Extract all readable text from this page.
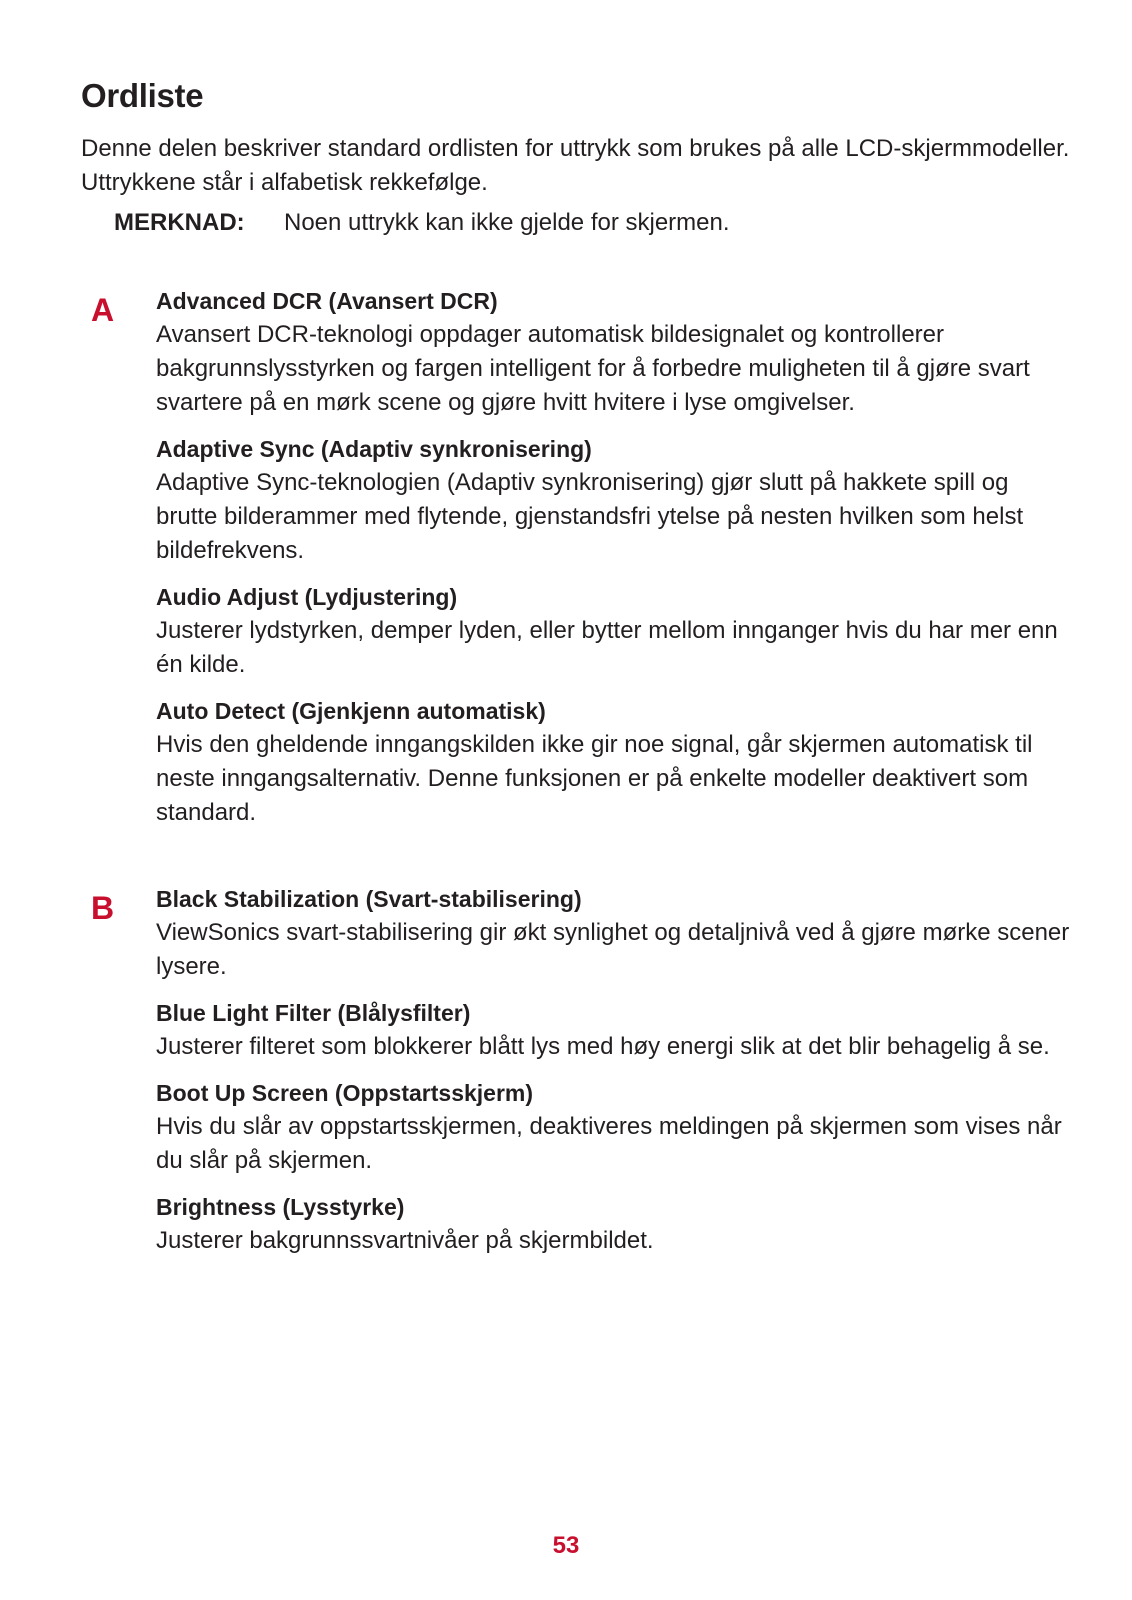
Ordliste
Denne delen beskriver standard ordlisten for uttrykk som brukes på alle LCD-skjermmodeller. Uttrykkene står i alfabetisk rekkefølge.
MERKNAD: Noen uttrykk kan ikke gjelde for skjermen.
A Advanced DCR (Avansert DCR)
Avansert DCR-teknologi oppdager automatisk bildesignalet og kontrollerer bakgrunnslysstyrken og fargen intelligent for å forbedre muligheten til å gjøre svart svartere på en mørk scene og gjøre hvitt hvitere i lyse omgivelser.
Adaptive Sync (Adaptiv synkronisering)
Adaptive Sync-teknologien (Adaptiv synkronisering) gjør slutt på hakkete spill og brutte bilderammer med flytende, gjenstandsfri ytelse på nesten hvilken som helst bildefrekvens.
Audio Adjust (Lydjustering)
Justerer lydstyrken, demper lyden, eller bytter mellom innganger hvis du har mer enn én kilde.
Auto Detect (Gjenkjenn automatisk)
Hvis den gheldende inngangskilden ikke gir noe signal, går skjermen automatisk til neste inngangsalternativ. Denne funksjonen er på enkelte modeller deaktivert som standard.
B Black Stabilization (Svart-stabilisering)
ViewSonics svart-stabilisering gir økt synlighet og detaljnivå ved å gjøre mørke scener lysere.
Blue Light Filter (Blålysfilter)
Justerer filteret som blokkerer blått lys med høy energi slik at det blir behagelig å se.
Boot Up Screen (Oppstartsskjerm)
Hvis du slår av oppstartsskjermen, deaktiveres meldingen på skjermen som vises når du slår på skjermen.
Brightness (Lysstyrke)
Justerer bakgrunnssvartnivåer på skjermbildet.
53
